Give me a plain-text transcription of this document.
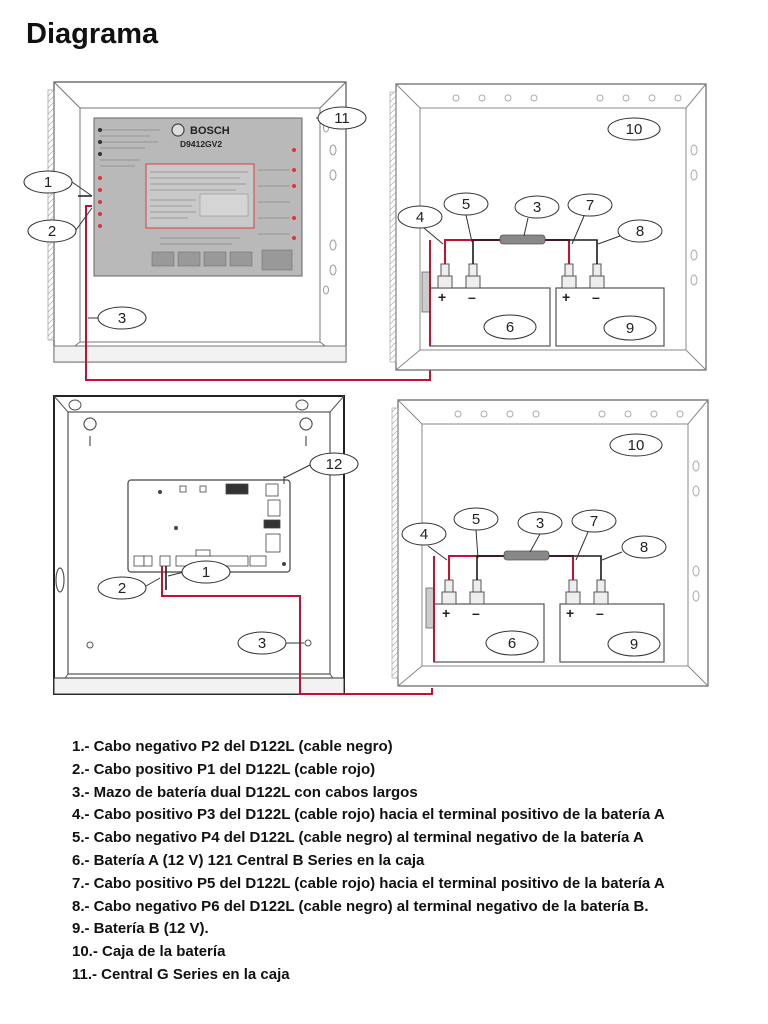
Diagrama
BOSCH
D9412GV2
+ –	+ –
+ –	+ –
11
1
2
3
10
4
5	3	7
8
6	9
12
1
2
3
10
4
5	3	7
8
6	9
1.- Cabo negativo P2 del D122L (cable negro)
2.- Cabo positivo P1 del D122L (cable rojo)
3.- Mazo de batería dual D122L con cabos largos
4.- Cabo positivo P3 del D122L (cable rojo) hacia el terminal positivo de la batería A
5.- Cabo negativo P4 del D122L (cable negro) al terminal negativo de la batería A
6.- Batería A (12 V) 121 Central B Series en la caja
7.- Cabo positivo P5 del D122L (cable rojo) hacia el terminal positivo de la batería A
8.- Cabo negativo P6 del D122L (cable negro) al terminal negativo de la batería B.
9.- Batería B (12 V).
10.- Caja de la batería
11.- Central G Series en la caja
